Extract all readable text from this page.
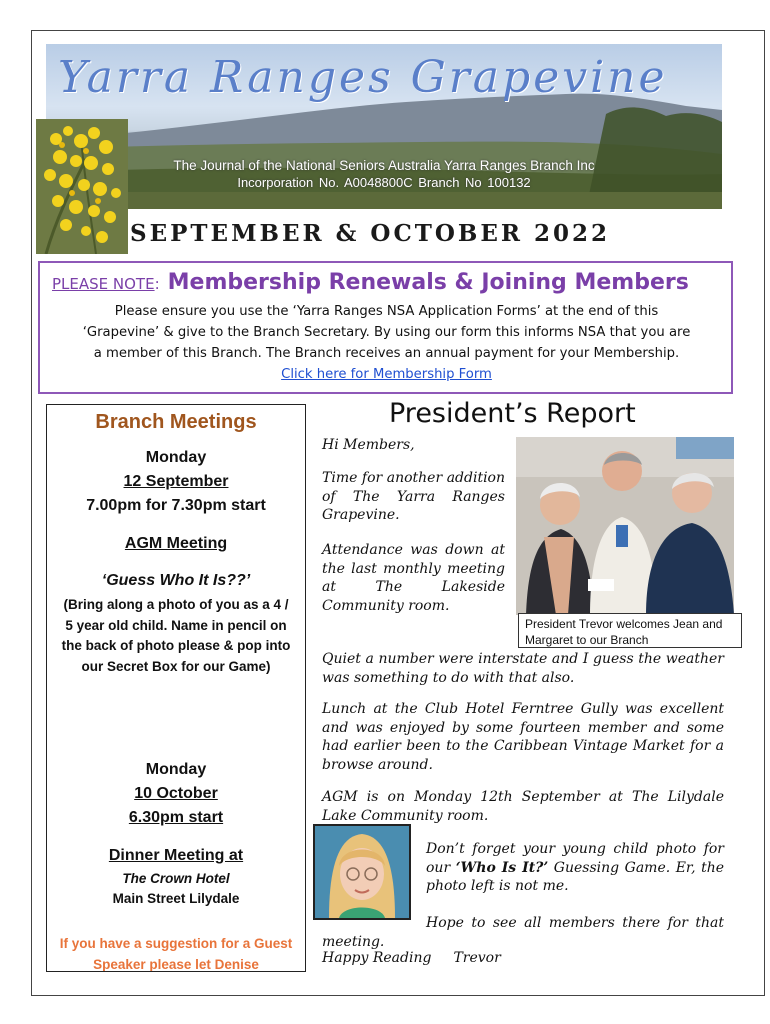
Yarra Ranges Grapevine
The Journal of the National Seniors Australia Yarra Ranges Branch Inc
Incorporation No. A0048800C Branch No 100132
SEPTEMBER & OCTOBER 2022
PLEASE NOTE: Membership Renewals & Joining Members
Please ensure you use the ‘Yarra Ranges NSA Application Forms’ at the end of this
‘Grapevine’ & give to the Branch Secretary. By using our form this informs NSA that you are
a member of this Branch. The Branch receives an annual payment for your Membership.
Click here for Membership Form
Branch Meetings
Monday
12 September
7.00pm for 7.30pm start
AGM Meeting
‘Guess Who It Is??’
(Bring along a photo of you as a 4 / 5 year old child. Name in pencil on the back of photo please & pop into our Secret Box for our Game)
Monday
10 October
6.30pm start
Dinner Meeting at
The Crown Hotel
Main Street Lilydale
If you have a suggestion for a Guest Speaker please let Denise
President’s Report
Hi Members,
Time for another addition of The Yarra Ranges Grapevine.
Attendance was down at the last monthly meeting at The Lakeside Community room.
President Trevor welcomes Jean and Margaret to our Branch
Quiet a number were interstate and I guess the weather was something to do with that also.
Lunch at the Club Hotel Ferntree Gully was excellent and was enjoyed by some fourteen member and some had earlier been to the Caribbean Vintage Market for a browse around.
AGM is on Monday 12th September at The Lilydale Lake Community room.
Don’t forget your young child photo for our ‘Who Is It?’ Guessing Game. Er, the photo left is not me.
Hope to see all members there for that meeting.
Happy Reading Trevor
